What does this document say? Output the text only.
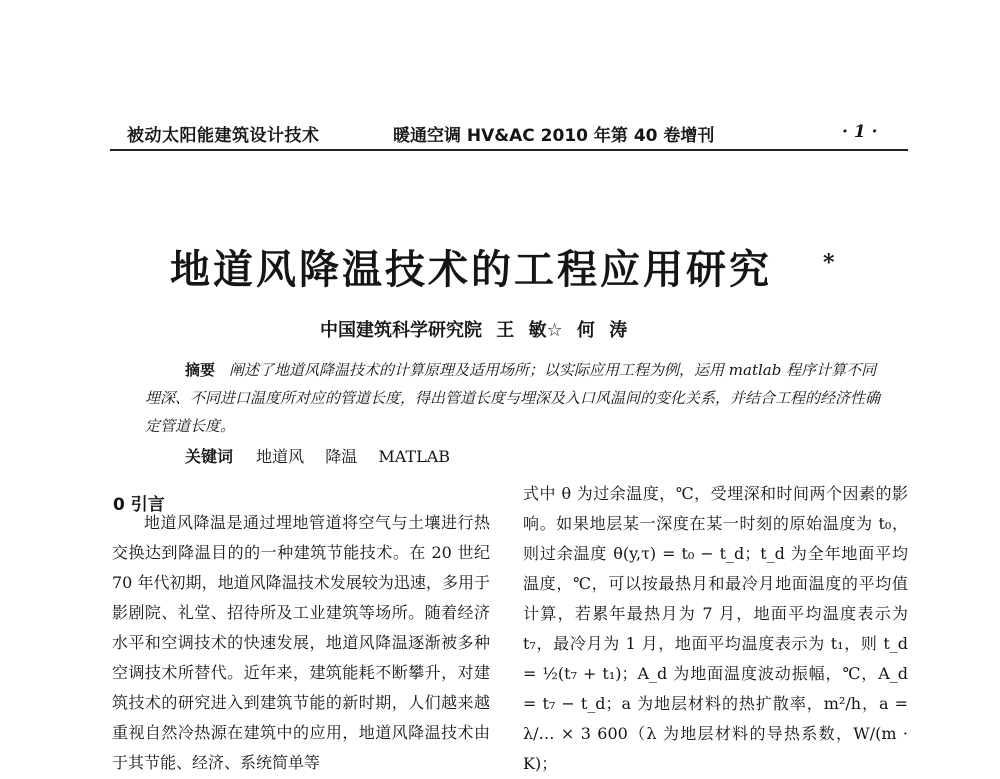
被动太阳能建筑设计技术	暖通空调 HV&AC 2010 年第 40 卷增刊	· 1 ·
地道风降温技术的工程应用研究 *
中国建筑科学研究院 王 敏☆ 何 涛
摘要 阐述了地道风降温技术的计算原理及适用场所；以实际应用工程为例，运用 matlab 程序计算不同埋深、不同进口温度所对应的管道长度，得出管道长度与埋深及入口风温间的变化关系，并结合工程的经济性确定管道长度。
关键词 地道风 降温 MATLAB
0 引言
地道风降温是通过埋地管道将空气与土壤进行热交换达到降温目的的一种建筑节能技术。在 20 世纪 70 年代初期，地道风降温技术发展较为迅速，多用于影剧院、礼堂、招待所及工业建筑等场所。随着经济水平和空调技术的快速发展，地道风降温逐渐被多种空调技术所替代。近年来，建筑能耗不断攀升，对建筑技术的研究进入到建筑节能的新时期，人们越来越重视自然冷热源在建筑中的应用，地道风降温技术由于其节能、经济、系统简单等
式中 θ 为过余温度，℃，受埋深和时间两个因素的影响。如果地层某一深度在某一时刻的原始温度为 t₀，则过余温度 θ(y,τ) = t₀ − t_d；t_d 为全年地面平均温度，℃，可以按最热月和最冷月地面温度的平均值计算，若累年最热月为 7 月，地面平均温度表示为 t₇，最冷月为 1 月，地面平均温度表示为 t₁，则 t_d = ½(t₇ + t₁)；A_d 为地面温度波动振幅，℃，A_d = t₇ − t_d；a 为地层材料的热扩散率，m²/h，a = λ/… × 3 600（λ 为地层材料的导热系数，W/(m · K)；
